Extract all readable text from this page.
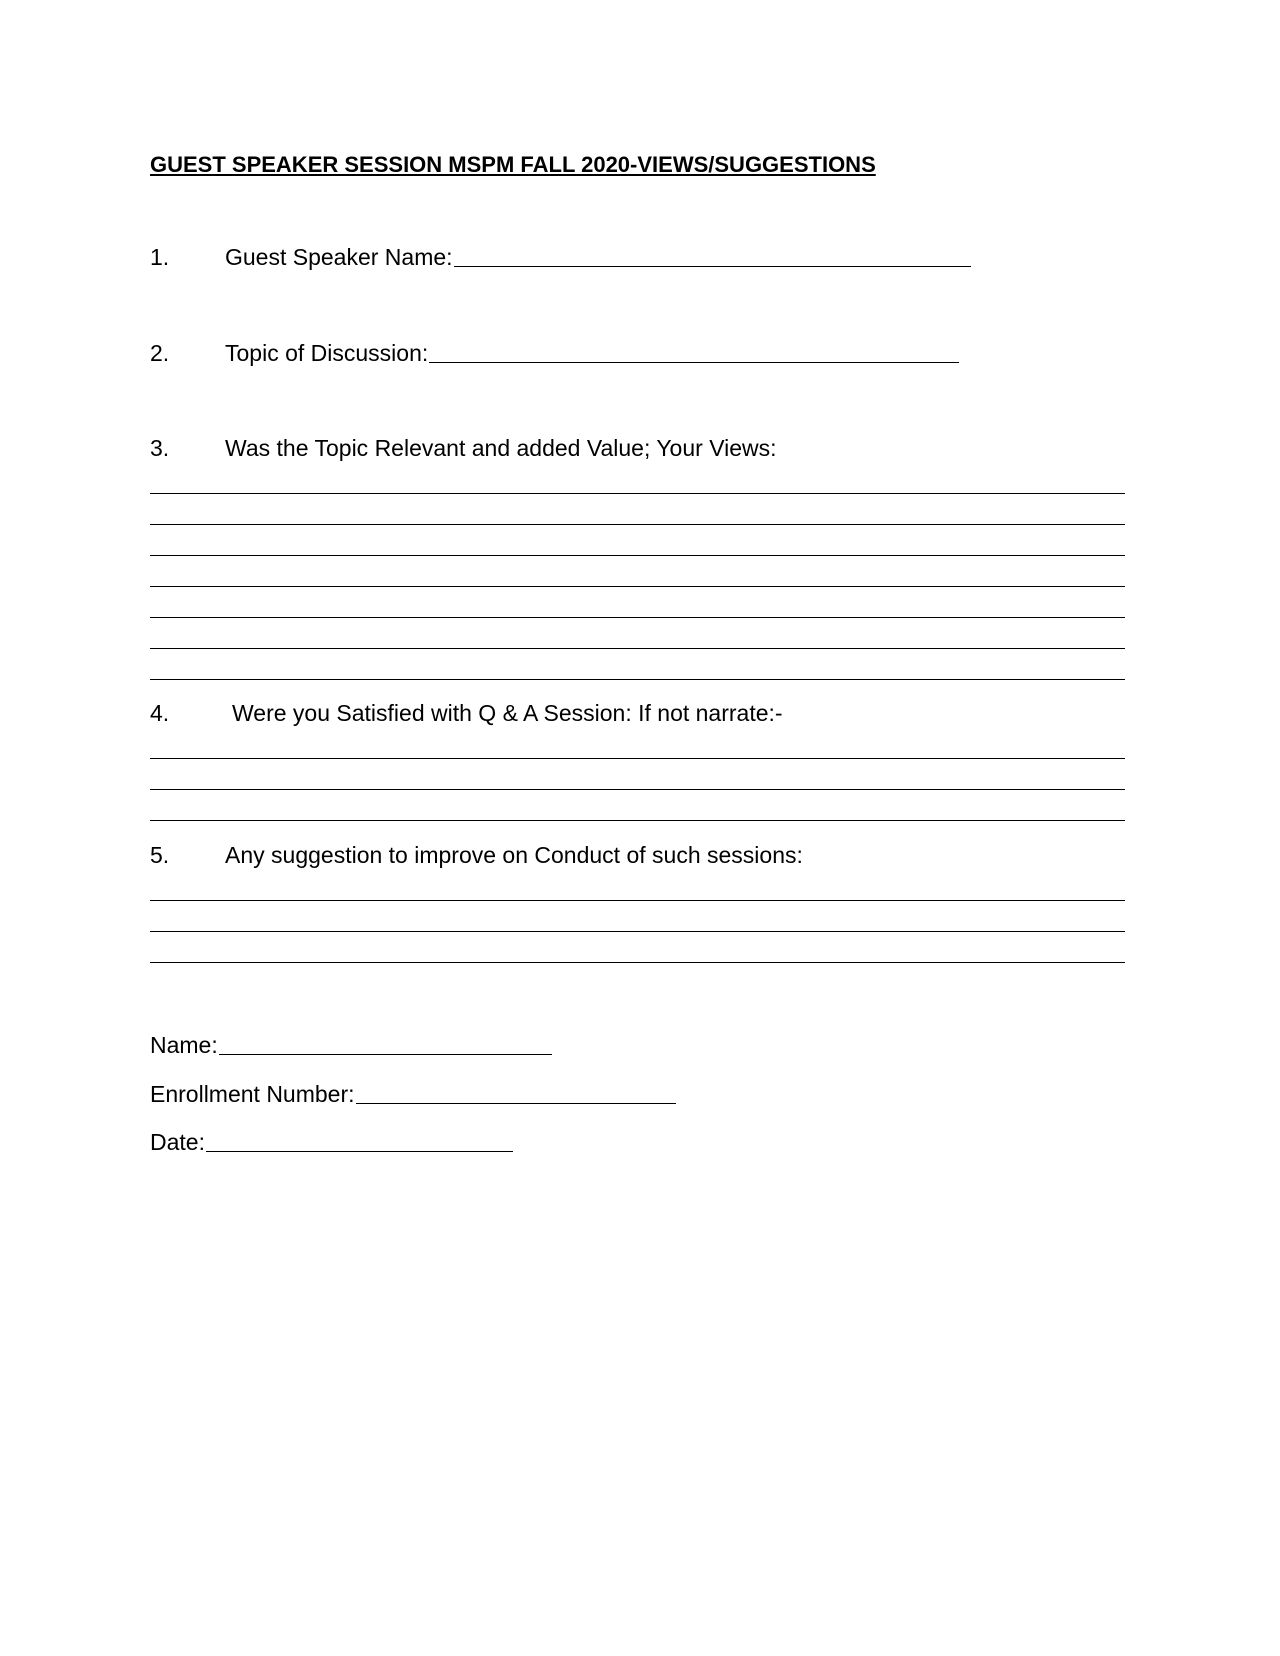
GUEST SPEAKER SESSION MSPM FALL 2020-VIEWS/SUGGESTIONS
1.	Guest Speaker Name:
2.	Topic of Discussion:
3.	Was the Topic Relevant and added Value; Your Views:
4.	Were you Satisfied with Q & A Session: If not narrate:-
5.	Any suggestion to improve on Conduct of such sessions:
Name:
Enrollment Number:
Date:
